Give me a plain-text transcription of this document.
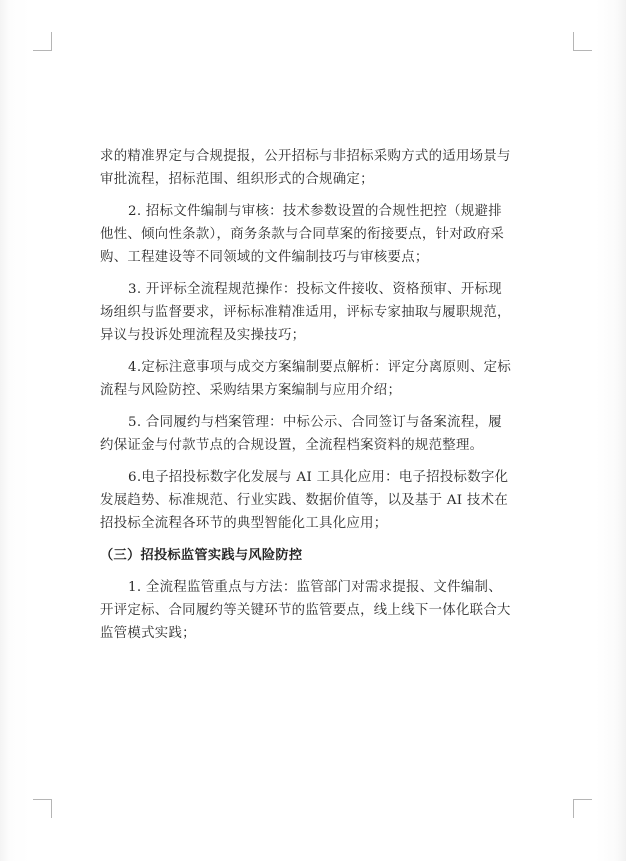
求的精准界定与合规提报，公开招标与非招标采购方式的适用场景与
审批流程，招标范围、组织形式的合规确定；
2. 招标文件编制与审核：技术参数设置的合规性把控（规避排
他性、倾向性条款），商务条款与合同草案的衔接要点，针对政府采
购、工程建设等不同领域的文件编制技巧与审核要点；
3. 开评标全流程规范操作：投标文件接收、资格预审、开标现
场组织与监督要求，评标标准精准适用，评标专家抽取与履职规范，
异议与投诉处理流程及实操技巧；
4.定标注意事项与成交方案编制要点解析：评定分离原则、定标
流程与风险防控、采购结果方案编制与应用介绍；
5. 合同履约与档案管理：中标公示、合同签订与备案流程，履
约保证金与付款节点的合规设置，全流程档案资料的规范整理。
6.电子招投标数字化发展与 AI 工具化应用：电子招投标数字化
发展趋势、标准规范、行业实践、数据价值等，以及基于 AI 技术在
招投标全流程各环节的典型智能化工具化应用；
（三）招投标监管实践与风险防控
1. 全流程监管重点与方法：监管部门对需求提报、文件编制、
开评定标、合同履约等关键环节的监管要点，线上线下一体化联合大
监管模式实践；
